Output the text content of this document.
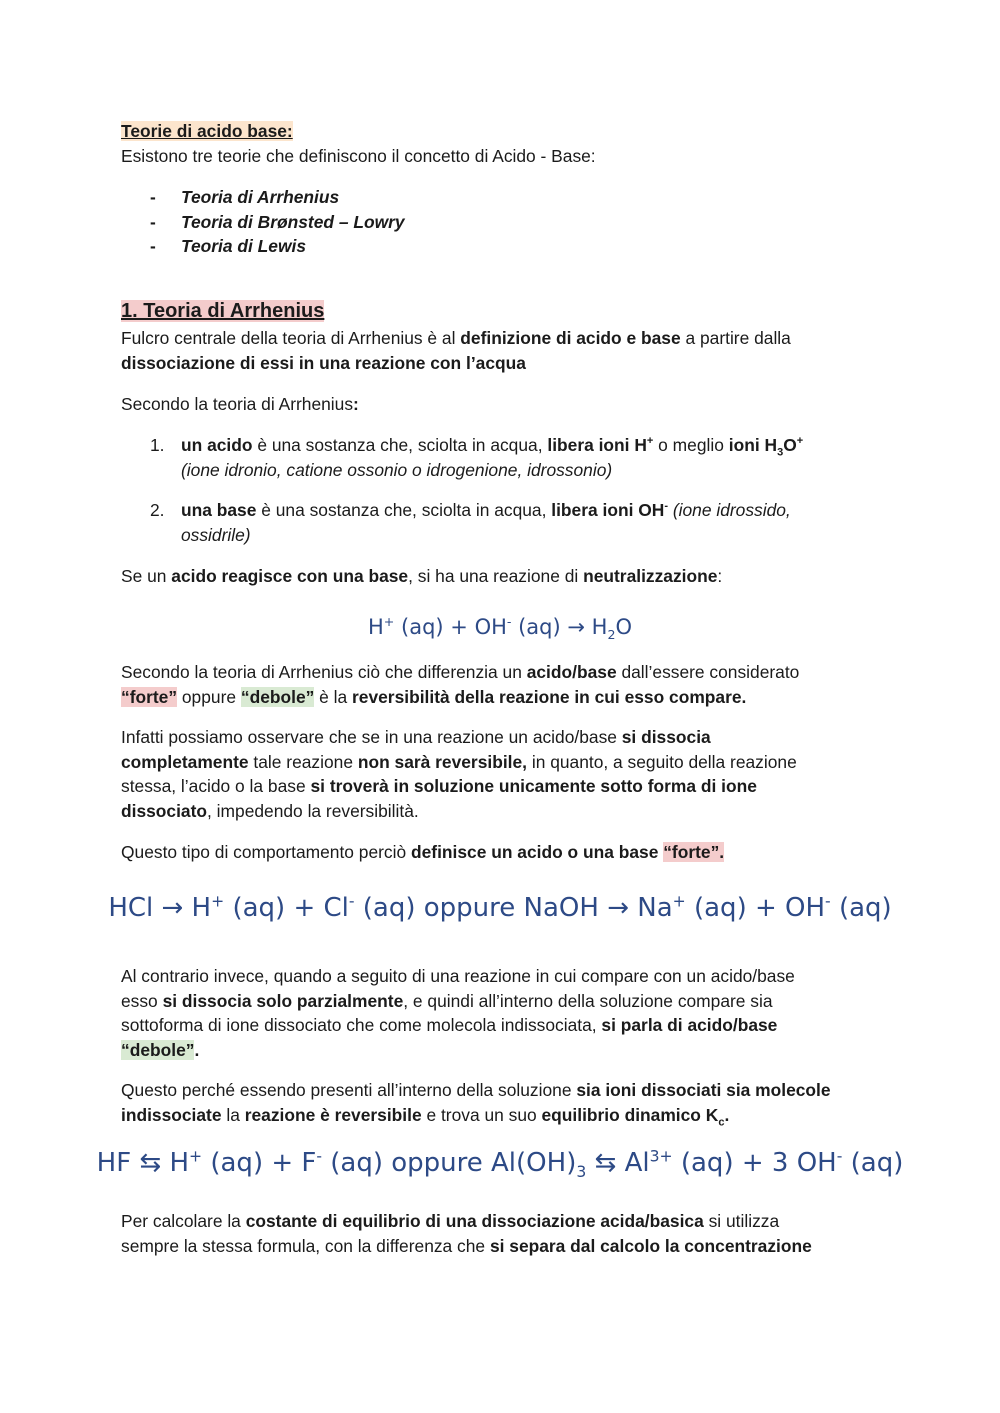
Teorie di acido base:
Esistono tre teorie che definiscono il concetto di Acido - Base:
- Teoria di Arrhenius
- Teoria di Brønsted – Lowry
- Teoria di Lewis
1. Teoria di Arrhenius
Fulcro centrale della teoria di Arrhenius è al definizione di acido e base a partire dalla
dissociazione di essi in una reazione con l’acqua
Secondo la teoria di Arrhenius:
1. un acido è una sostanza che, sciolta in acqua, libera ioni H+ o meglio ioni $H_3O^+$
(ione idronio, catione ossonio o idrogenione, idrossonio)
2. una base è una sostanza che, sciolta in acqua, libera ioni OH- (ione idrossido,
ossidrile)
Se un acido reagisce con una base, si ha una reazione di neutralizzazione:
H+ (aq) + OH- $(aq) \to H_2O$
Secondo la teoria di Arrhenius ciò che differenzia un acido/base dall’essere considerato
“forte” oppure “debole” è la reversibilità della reazione in cui esso compare.
Infatti possiamo osservare che se in una reazione un acido/base si dissocia
completamente tale reazione non sarà reversibile, in quanto, a seguito della reazione
stessa, l’acido o la base si troverà in soluzione unicamente sotto forma di ione
dissociato, impedendo la reversibilità.
Questo tipo di comportamento perciò definisce un acido o una base “forte”.
HCl → H+ (aq) + Cl- (aq) oppure NaOH → Na+ (aq) + OH- (aq)
Al contrario invece, quando a seguito di una reazione in cui compare con un acido/base
esso si dissocia solo parzialmente, e quindi all’interno della soluzione compare sia
sottoforma di ione dissociato che come molecola indissociata, si parla di acido/base
“debole”.
Questo perché essendo presenti all’interno della soluzione sia ioni dissociati sia molecole
indissociate la reazione è reversibile e trova un suo equilibrio dinamico $K_c$.
HF ⇆ H+ (aq) + F- (aq) oppure $Al(OH)_3$ ⇆ $Al^{3+}$ (aq) + 3 OH- (aq)
Per calcolare la costante di equilibrio di una dissociazione acida/basica si utilizza
sempre la stessa formula, con la differenza che si separa dal calcolo la concentrazione
